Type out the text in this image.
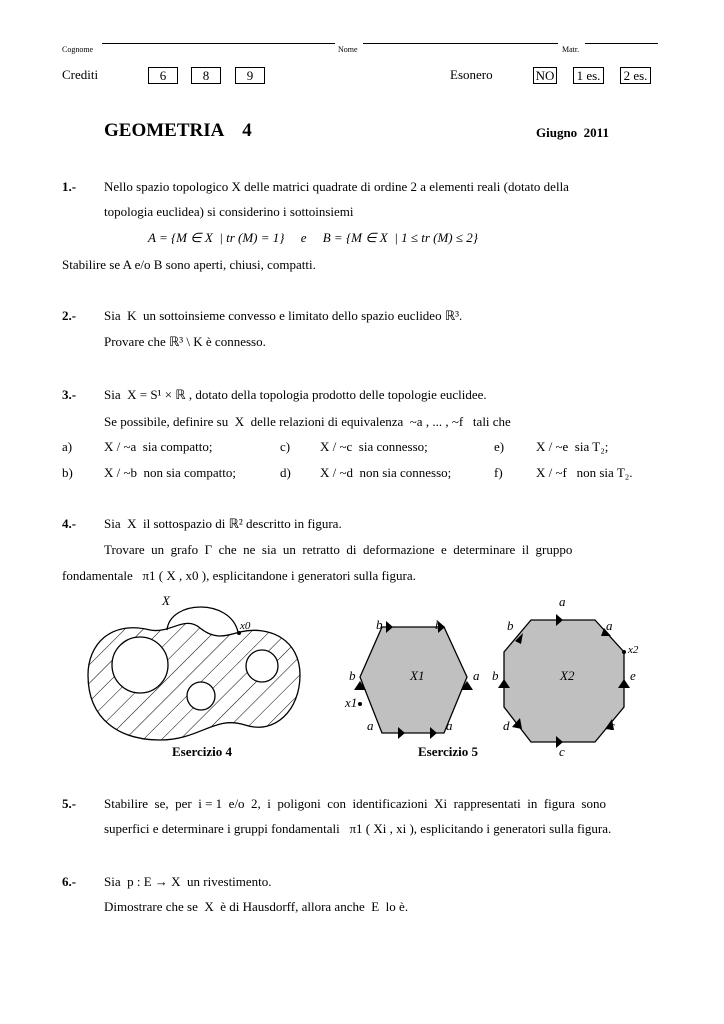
Cognome	Nome	Matr.
Crediti	6	8	9	Esonero	NO 1 es. 2 es.
GEOMETRIA    4	Giugno  2011
1.- Nello spazio topologico X delle matrici quadrate di ordine 2 a elementi reali (dotato della
topologia euclidea) si considerino i sottoinsiemi
A = {M ∈ X  | tr (M) = 1}     e     B = {M ∈ X  | 1 ≤ tr (M) ≤ 2}
Stabilire se A e/o B sono aperti, chiusi, compatti.
2.- Sia  K  un sottoinsieme convesso e limitato dello spazio euclideo ℝ³.
Provare che ℝ³ \ K è connesso.
3.- Sia  X = S¹ × ℝ , dotato della topologia prodotto delle topologie euclidee.
Se possibile, definire su  X  delle relazioni di equivalenza  ~a , ... , ~f   tali che
a) X / ~a  sia compatto;	c) X / ~c  sia connesso;	e) X / ~e  sia T₂;
b) X / ~b  non sia compatto;	d) X / ~d  non sia connesso;	f)	X / ~f   non sia T₂.
4.- Sia  X  il sottospazio di ℝ² descritto in figura.
Trovare  un  grafo  Γ  che  ne  sia  un  retratto  di  deformazione  e  determinare  il  gruppo
fondamentale   π1 ( X , x0 ), esplicitandone i generatori sulla figura.
X
x0
Esercizio 4
b	b
b	a
X1
x1
a	a
Esercizio 5
a
b	a
x2
b	e
X2
d	c
c
5.- Stabilire  se,  per  i = 1  e/o  2,  i  poligoni  con  identificazioni  Xi  rappresentati  in  figura  sono
superfici e determinare i gruppi fondamentali   π1 ( Xi , xi ), esplicitando i generatori sulla figura.
6.- Sia  p : E → X  un rivestimento.
Dimostrare che se  X  è di Hausdorff, allora anche  E  lo è.
